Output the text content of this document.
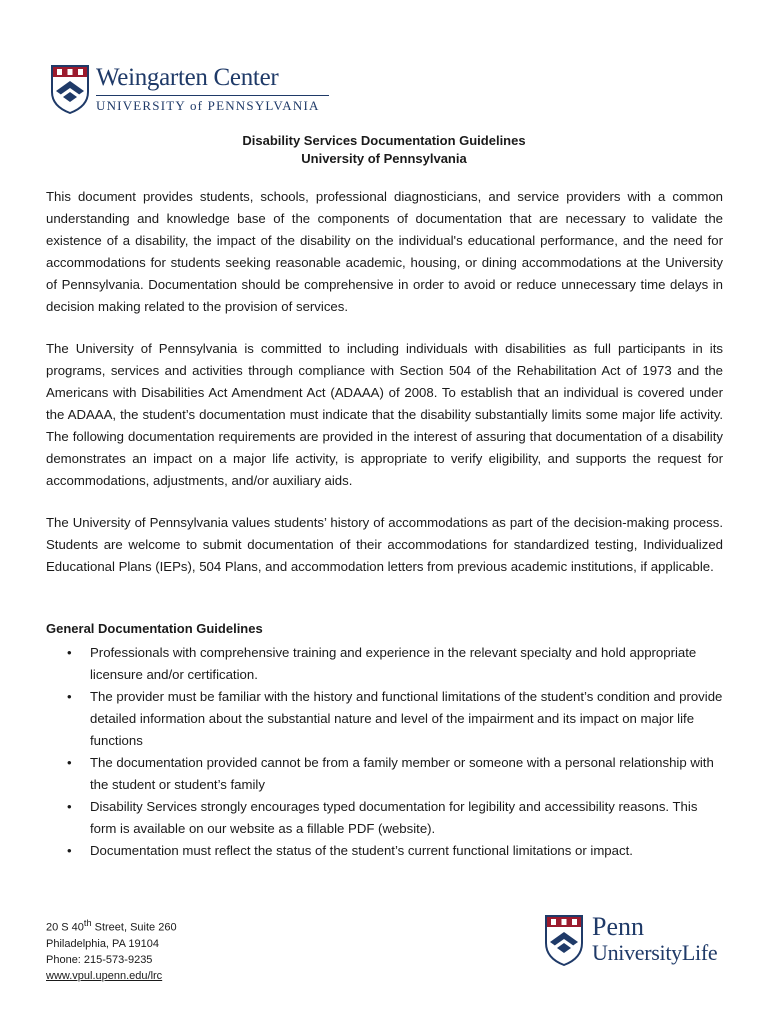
Weingarten Center
UNIVERSITY of PENNSYLVANIA
Disability Services Documentation Guidelines
University of Pennsylvania

This document provides students, schools, professional diagnosticians, and service providers with a common understanding and knowledge base of the components of documentation that are necessary to validate the existence of a disability, the impact of the disability on the individual's educational performance, and the need for accommodations for students seeking reasonable academic, housing, or dining accommodations at the University of Pennsylvania. Documentation should be comprehensive in order to avoid or reduce unnecessary time delays in decision making related to the provision of services.

The University of Pennsylvania is committed to including individuals with disabilities as full participants in its programs, services and activities through compliance with Section 504 of the Rehabilitation Act of 1973 and the Americans with Disabilities Act Amendment Act (ADAAA) of 2008. To establish that an individual is covered under the ADAAA, the student’s documentation must indicate that the disability substantially limits some major life activity. The following documentation requirements are provided in the interest of assuring that documentation of a disability demonstrates an impact on a major life activity, is appropriate to verify eligibility, and supports the request for accommodations, adjustments, and/or auxiliary aids.

The University of Pennsylvania values students’ history of accommodations as part of the decision-making process. Students are welcome to submit documentation of their accommodations for standardized testing, Individualized Educational Plans (IEPs), 504 Plans, and accommodation letters from previous academic institutions, if applicable.

General Documentation Guidelines
• Professionals with comprehensive training and experience in the relevant specialty and hold appropriate licensure and/or certification.
• The provider must be familiar with the history and functional limitations of the student’s condition and provide detailed information about the substantial nature and level of the impairment and its impact on major life functions
• The documentation provided cannot be from a family member or someone with a personal relationship with the student or student’s family
• Disability Services strongly encourages typed documentation for legibility and accessibility reasons. This form is available on our website as a fillable PDF (website).
• Documentation must reflect the status of the student’s current functional limitations or impact.
20 S 40th Street, Suite 260
Philadelphia, PA 19104
Phone: 215-573-9235
www.vpul.upenn.edu/lrc
Penn
UniversityLife
